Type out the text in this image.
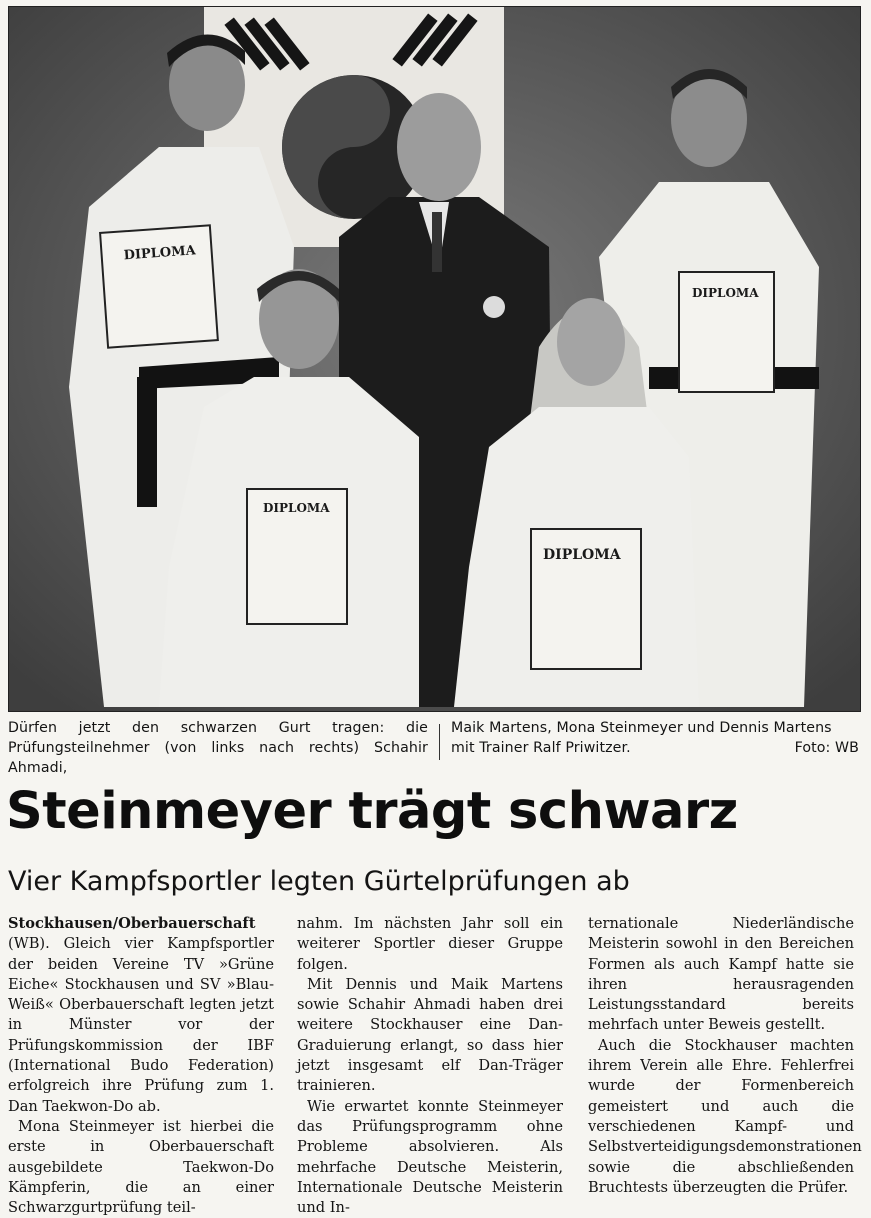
DIPLOMA
DIPLOMA
DIPLOMA
DIPLOMA
Dürfen jetzt den schwarzen Gurt tragen: die Prüfungsteilnehmer (von links nach rechts) Schahir Ahmadi,
Maik Martens, Mona Steinmeyer und Dennis Martens mit Trainer Ralf Priwitzer.	Foto: WB
Steinmeyer trägt schwarz
Vier Kampfsportler legten Gürtelprüfungen ab

Stockhausen/Oberbauerschaft (WB). Gleich vier Kampfsportler der beiden Vereine TV »Grüne Eiche« Stockhausen und SV »Blau-Weiß« Oberbauerschaft legten jetzt in Münster vor der Prüfungskommission der IBF (International Budo Federation) erfolgreich ihre Prüfung zum 1. Dan Taekwon-Do ab.

Mona Steinmeyer ist hierbei die erste in Oberbauerschaft ausgebildete Taekwon-Do Kämpferin, die an einer Schwarzgurtprüfung teil-

nahm. Im nächsten Jahr soll ein weiterer Sportler dieser Gruppe folgen.

Mit Dennis und Maik Martens sowie Schahir Ahmadi haben drei weitere Stockhauser eine Dan-Graduierung erlangt, so dass hier jetzt insgesamt elf Dan-Träger trainieren.

Wie erwartet konnte Steinmeyer das Prüfungsprogramm ohne Probleme absolvieren. Als mehrfache Deutsche Meisterin, Internationale Deutsche Meisterin und In-

ternationale Niederländische Meisterin sowohl in den Bereichen Formen als auch Kampf hatte sie ihren herausragenden Leistungsstandard bereits mehrfach unter Beweis gestellt.

Auch die Stockhauser machten ihrem Verein alle Ehre. Fehlerfrei wurde der Formenbereich gemeistert und auch die verschiedenen Kampf- und Selbstverteidigungsdemonstrationen sowie die abschließenden Bruchtests überzeugten die Prüfer.
